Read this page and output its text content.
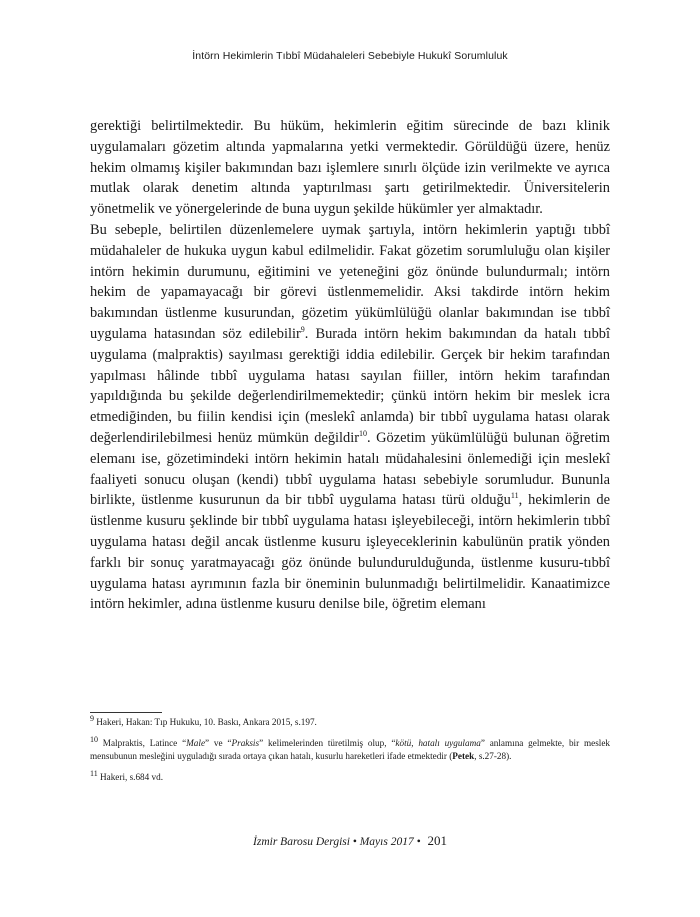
İntörn Hekimlerin Tıbbî Müdahaleleri Sebebiyle Hukukî Sorumluluk

gerektiği belirtilmektedir. Bu hüküm, hekimlerin eğitim sürecinde de bazı klinik uygulamaları gözetim altında yapmalarına yetki vermektedir. Görüldüğü üzere, henüz hekim olmamış kişiler bakımından bazı işlemlere sınırlı ölçüde izin verilmekte ve ayrıca mutlak olarak denetim altında yaptırılması şartı getirilmektedir. Üniversitelerin yönetmelik ve yönergelerinde de buna uygun şekilde hükümler yer almaktadır.

Bu sebeple, belirtilen düzenlemelere uymak şartıyla, intörn hekimlerin yaptığı tıbbî müdahaleler de hukuka uygun kabul edilmelidir. Fakat gözetim sorumluluğu olan kişiler intörn hekimin durumunu, eğitimini ve yeteneğini göz önünde bulundurmalı; intörn hekim de yapamayacağı bir görevi üstlenmemelidir. Aksi takdirde intörn hekim bakımından üstlenme kusurundan, gözetim yükümlülüğü olanlar bakımından ise tıbbî uygulama hatasından söz edilebilir$^9$. Burada intörn hekim bakımından da hatalı tıbbî uygulama (malpraktis) sayılması gerektiği iddia edilebilir. Gerçek bir hekim tarafından yapılması hâlinde tıbbî uygulama hatası sayılan fiiller, intörn hekim tarafından yapıldığında bu şekilde değerlendirilmemektedir; çünkü intörn hekim bir meslek icra etmediğinden, bu fiilin kendisi için (meslekî anlamda) bir tıbbî uygulama hatası olarak değerlendirilebilmesi henüz mümkün değildir$^{10}$. Gözetim yükümlülüğü bulunan öğretim elemanı ise, gözetimindeki intörn hekimin hatalı müdahalesini önlemediği için meslekî faaliyeti sonucu oluşan (kendi) tıbbî uygulama hatası sebebiyle sorumludur. Bununla birlikte, üstlenme kusurunun da bir tıbbî uygulama hatası türü olduğu$^{11}$, hekimlerin de üstlenme kusuru şeklinde bir tıbbî uygulama hatası işleyebileceği, intörn hekimlerin tıbbî uygulama hatası değil ancak üstlenme kusuru işleyeceklerinin kabulünün pratik yönden farklı bir sonuç yaratmayacağı göz önünde bulundurulduğunda, üstlenme kusuru-tıbbî uygulama hatası ayrımının fazla bir öneminin bulunmadığı belirtilmelidir. Kanaatimizce intörn hekimler, adına üstlenme kusuru denilse bile, öğretim elemanı

9 Hakeri, Hakan: Tıp Hukuku, 10. Baskı, Ankara 2015, s.197.
10 Malpraktis, Latince “Male” ve “Praksis” kelimelerinden türetilmiş olup, “kötü, hatalı uygulama” anlamına gelmekte, bir meslek mensubunun mesleğini uyguladığı sırada ortaya çıkan hatalı, kusurlu hareketleri ifade etmektedir (Petek, s.27-28).
11 Hakeri, s.684 vd.
İzmir Barosu Dergisi • Mayıs 2017 • 201
